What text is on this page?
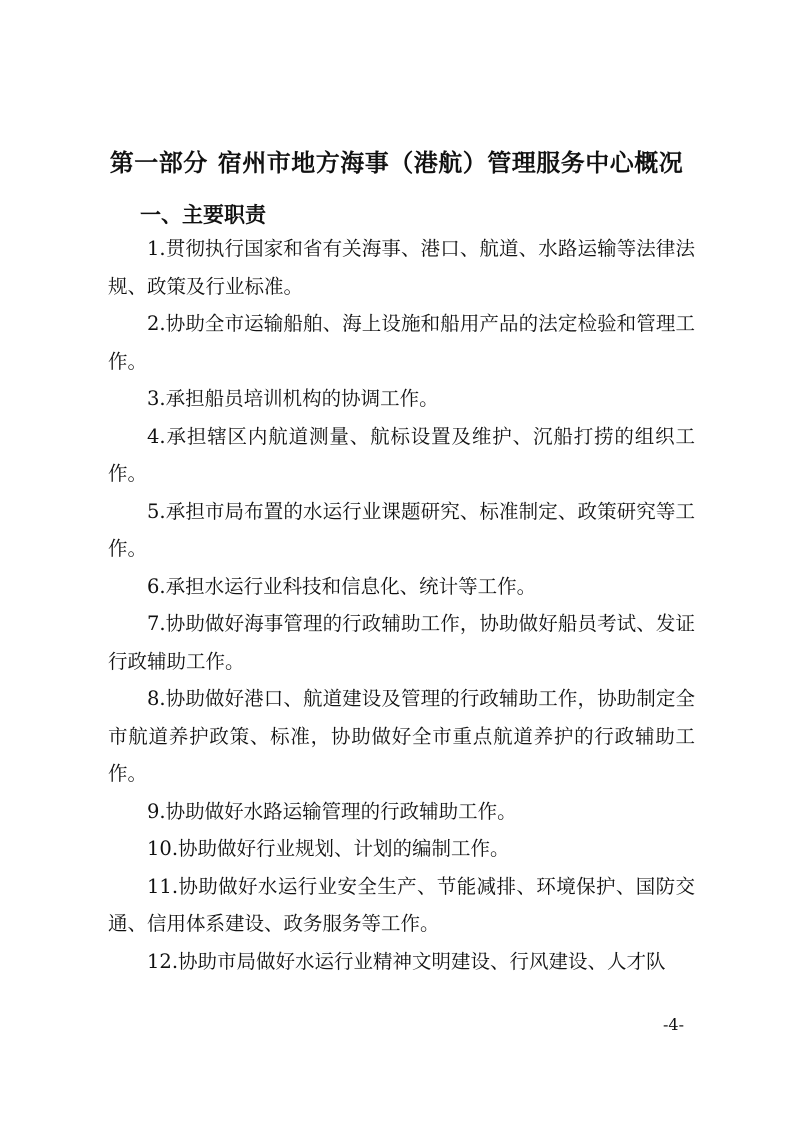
第一部分 宿州市地方海事（港航）管理服务中心概况
一、主要职责

1.贯彻执行国家和省有关海事、港口、航道、水路运输等法律法规、政策及行业标准。

2.协助全市运输船舶、海上设施和船用产品的法定检验和管理工作。

3.承担船员培训机构的协调工作。

4.承担辖区内航道测量、航标设置及维护、沉船打捞的组织工作。

5.承担市局布置的水运行业课题研究、标准制定、政策研究等工作。

6.承担水运行业科技和信息化、统计等工作。

7.协助做好海事管理的行政辅助工作，协助做好船员考试、发证行政辅助工作。

8.协助做好港口、航道建设及管理的行政辅助工作，协助制定全市航道养护政策、标准，协助做好全市重点航道养护的行政辅助工作。

9.协助做好水路运输管理的行政辅助工作。

10.协助做好行业规划、计划的编制工作。

11.协助做好水运行业安全生产、节能减排、环境保护、国防交通、信用体系建设、政务服务等工作。

12.协助市局做好水运行业精神文明建设、行风建设、人才队

-4-
